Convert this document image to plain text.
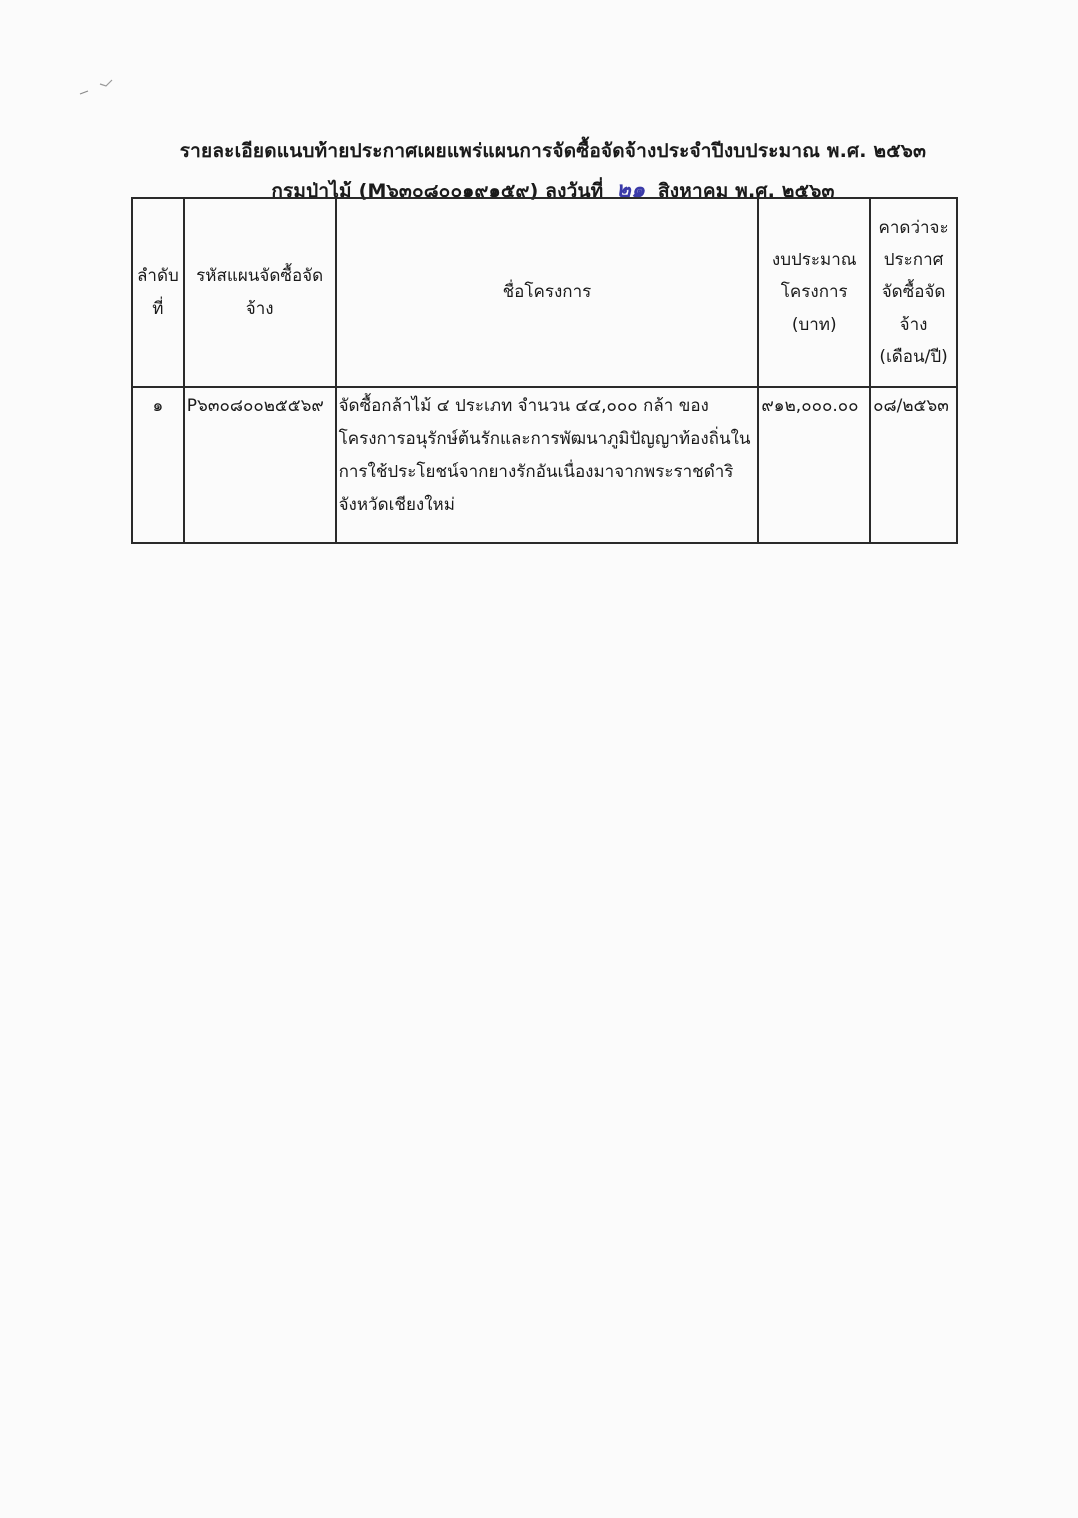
รายละเอียดแนบท้ายประกาศเผยแพร่แผนการจัดซื้อจัดจ้างประจำปีงบประมาณ พ.ศ. ๒๕๖๓
กรมป่าไม้ (M๖๓๐๘๐๐๑๙๑๕๙) ลงวันที่ ๒๑ สิงหาคม พ.ศ. ๒๕๖๓
ลำดับที่	รหัสแผนจัดซื้อจัดจ้าง	ชื่อโครงการ	งบประมาณโครงการ (บาท)	คาดว่าจะประกาศจัดซื้อจัดจ้าง (เดือน/ปี)

๑	P๖๓๐๘๐๐๒๕๕๖๙	จัดซื้อกล้าไม้ ๔ ประเภท จำนวน ๔๔,๐๐๐ กล้า ของโครงการอนุรักษ์ต้นรักและการพัฒนาภูมิปัญญาท้องถิ่นในการใช้ประโยชน์จากยางรักอันเนื่องมาจากพระราชดำริ จังหวัดเชียงใหม่	๙๑๒,๐๐๐.๐๐	๐๘/๒๕๖๓
